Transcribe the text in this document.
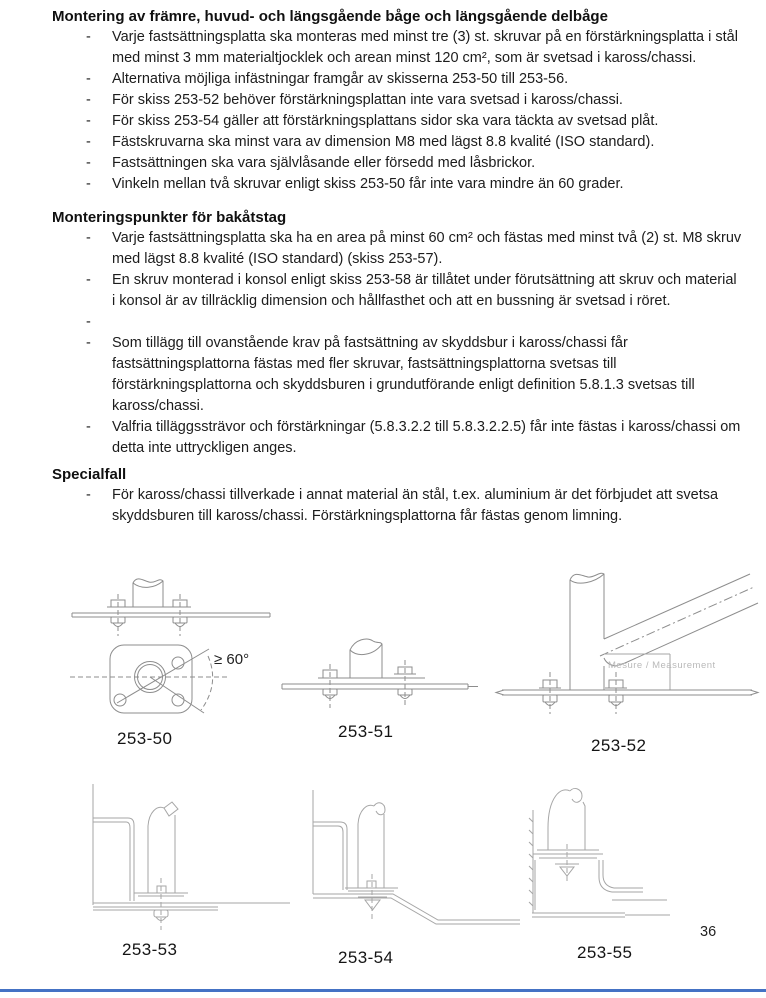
Montering av främre, huvud- och längsgående båge och längsgående delbåge
-	Varje fastsättningsplatta ska monteras med minst tre (3) st. skruvar på en förstärkningsplatta i stål med minst 3 mm materialtjocklek och arean minst 120 cm², som är svetsad i kaross/chassi.
-	Alternativa möjliga infästningar framgår av skisserna 253-50 till 253-56.
-	För skiss 253-52 behöver förstärkningsplattan inte vara svetsad i kaross/chassi.
-	För skiss 253-54 gäller att förstärkningsplattans sidor ska vara täckta av svetsad plåt.
-	Fästskruvarna ska minst vara av dimension M8 med lägst 8.8 kvalité (ISO standard).
-	Fastsättningen ska vara självlåsande eller försedd med låsbrickor.
-	Vinkeln mellan två skruvar enligt skiss 253-50 får inte vara mindre än 60 grader.
Monteringspunkter för bakåtstag
-	Varje fastsättningsplatta ska ha en area på minst 60 cm² och fästas med minst två (2) st. M8 skruv med lägst 8.8 kvalité (ISO standard) (skiss 253-57).
-	En skruv monterad i konsol enligt skiss 253-58 är tillåtet under förutsättning att skruv och material i konsol är av tillräcklig dimension och hållfasthet och att en bussning är svetsad i röret.
-
-	Som tillägg till ovanstående krav på fastsättning av skyddsbur i kaross/chassi får fastsättningsplattorna fästas med fler skruvar, fastsättningsplattorna svetsas till förstärkningsplattorna och skyddsburen i grundutförande enligt definition 5.8.1.3 svetsas till kaross/chassi.
-	Valfria tilläggssträvor och förstärkningar (5.8.3.2.2 till 5.8.3.2.2.5) får inte fästas i kaross/chassi om detta inte uttryckligen anges.
Specialfall
-	För kaross/chassi tillverkade i annat material än stål, t.ex. aluminium är det förbjudet att svetsa skyddsburen till kaross/chassi. Förstärkningsplattorna får fästas genom limning.
≥ 60°
253-50	253-51
Mesure / Measurement
253-52
253-53	253-54	253-55
36
